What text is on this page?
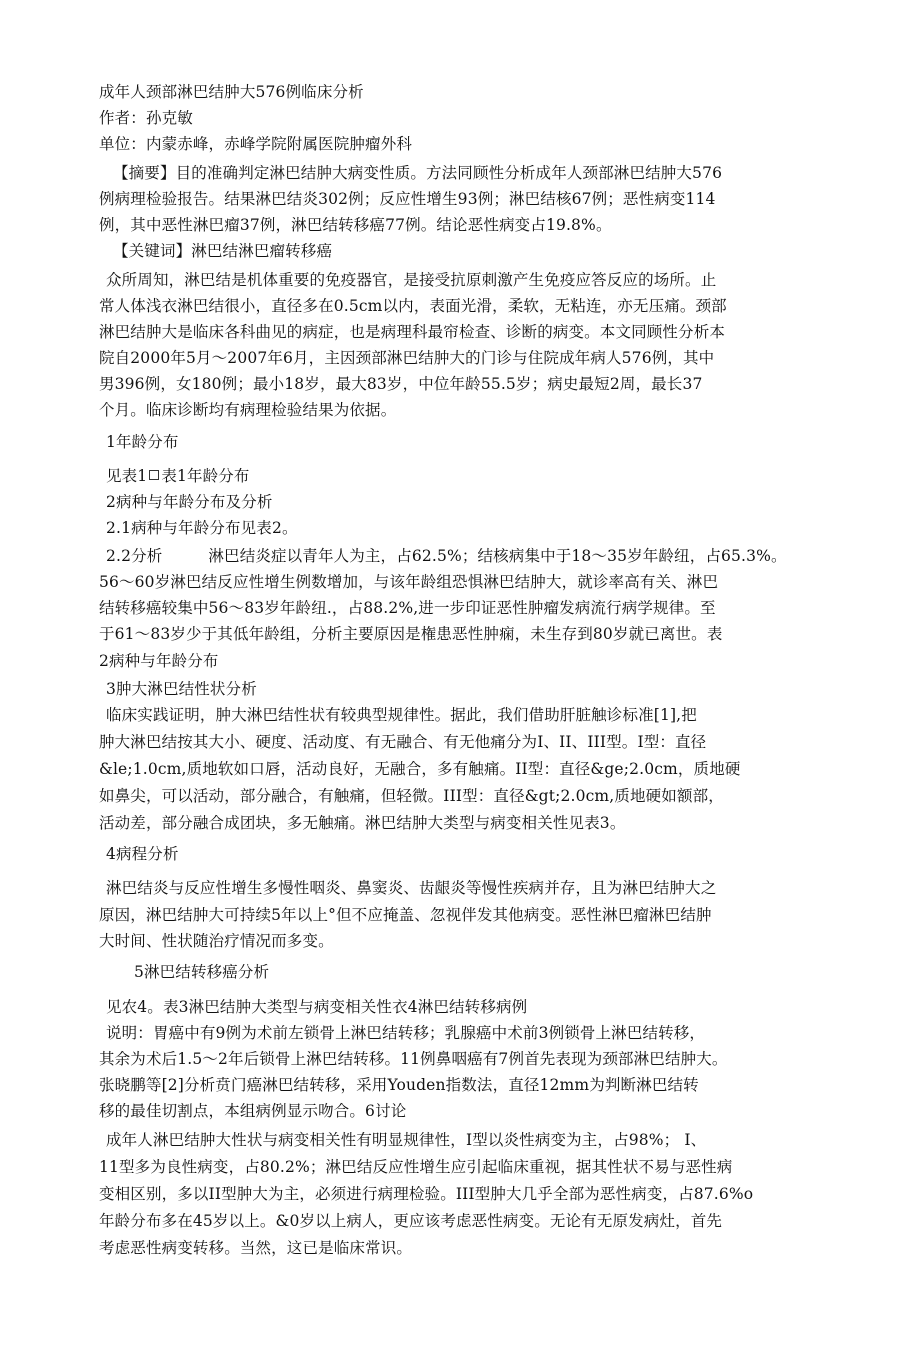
成年人颈部淋巴结肿大576例临床分析
作者：孙克敏
单位：内蒙赤峰，赤峰学院附属医院肿瘤外科
【摘要】目的准确判定淋巴结肿大病变性质。方法同顾性分析成年人颈部淋巴结肿大576
例病理检验报告。结果淋巴结炎302例；反应性增生93例；淋巴结核67例；恶性病变114
例，其中恶性淋巴瘤37例，淋巴结转移癌77例。结论恶性病变占19.8%。
【关键词】淋巴结淋巴瘤转移癌
众所周知，淋巴结是机体重要的免疫器官，是接受抗原刺激产生免疫应答反应的场所。止
常人体浅衣淋巴结很小，直径多在0.5cm以内，表面光滑，柔软，无粘连，亦无压痛。颈部
淋巴结肿大是临床各科曲见的病症，也是病理科最帘检查、诊断的病变。本文同顾性分析本
院自2000年5月～2007年6月，主因颈部淋巴结肿大的门诊与住院成年病人576例，其中
男396例，女180例；最小18岁，最大83岁，中位年龄55.5岁；病史最短2周，最长37
个月。临床诊断均有病理检验结果为依据。
1年龄分布
见表1 表1年龄分布
2病种与年龄分布及分析
2.1病种与年龄分布见表2。
2.2分析	淋巴结炎症以青年人为主，占62.5%；结核病集中于18～35岁年龄纽，占65.3%。
56～60岁淋巴结反应性增生例数增加，与该年龄组恐惧淋巴结肿大，就诊率高有关、淋巴
结转移癌较集中56～83岁年龄纽.，占88.2%,进一步印证恶性肿瘤发病流行病学规律。至
于61～83岁少于其低年龄组，分析主要原因是権患恶性肿痫，未生存到80岁就已离世。表
2病种与年龄分布
3肿大淋巴结性状分析
临床实践证明，肿大淋巴结性状有较典型规律性。据此，我们借助肝脏触诊标准[1],把
肿大淋巴结按其大小、硬度、活动度、有无融合、有无他痛分为I、II、III型。I型：直径
&le;1.0cm,质地软如口唇，活动良好，无融合，多有触痛。II型：直径&ge;2.0cm，质地硬
如鼻尖，可以活动，部分融合，有触痛，但轻微。III型：直径&gt;2.0cm,质地硬如额部，
活动差，部分融合成团块，多无触痛。淋巴结肿大类型与病变相关性见表3。
4病程分析
淋巴结炎与反应性增生多慢性咽炎、鼻窦炎、齿龈炎等慢性疾病并存，且为淋巴结肿大之
原因，淋巴结肿大可持续5年以上°但不应掩盖、忽视伴发其他病变。恶性淋巴瘤淋巴结肿
大时间、性状随治疗情况而多变。
5淋巴结转移癌分析
见农4。表3淋巴结肿大类型与病变相关性衣4淋巴结转移病例
说明：胃癌中有9例为术前左锁骨上淋巴结转移；乳腺癌中术前3例锁骨上淋巴结转移，
其余为术后1.5～2年后锁骨上淋巴结转移。11例鼻咽癌有7例首先表现为颈部淋巴结肿大。
张晓鹏等[2]分析贲门癌淋巴结转移，采用Youden指数法，直径12mm为判断淋巴结转
移的最佳切割点，本组病例显示吻合。6讨论
成年人淋巴结肿大性状与病变相关性有明显规律性，I型以炎性病变为主，占98%； I、
11型多为良性病变，占80.2%；淋巴结反应性增生应引起临床重视，据其性状不易与恶性病
变相区别，多以II型肿大为主，必须进行病理检验。III型肿大几乎全部为恶性病变，占87.6%o
年龄分布多在45岁以上。&0岁以上病人，更应该考虑恶性病变。无论有无原发病灶，首先
考虑恶性病变转移。当然，这已是临床常识。
